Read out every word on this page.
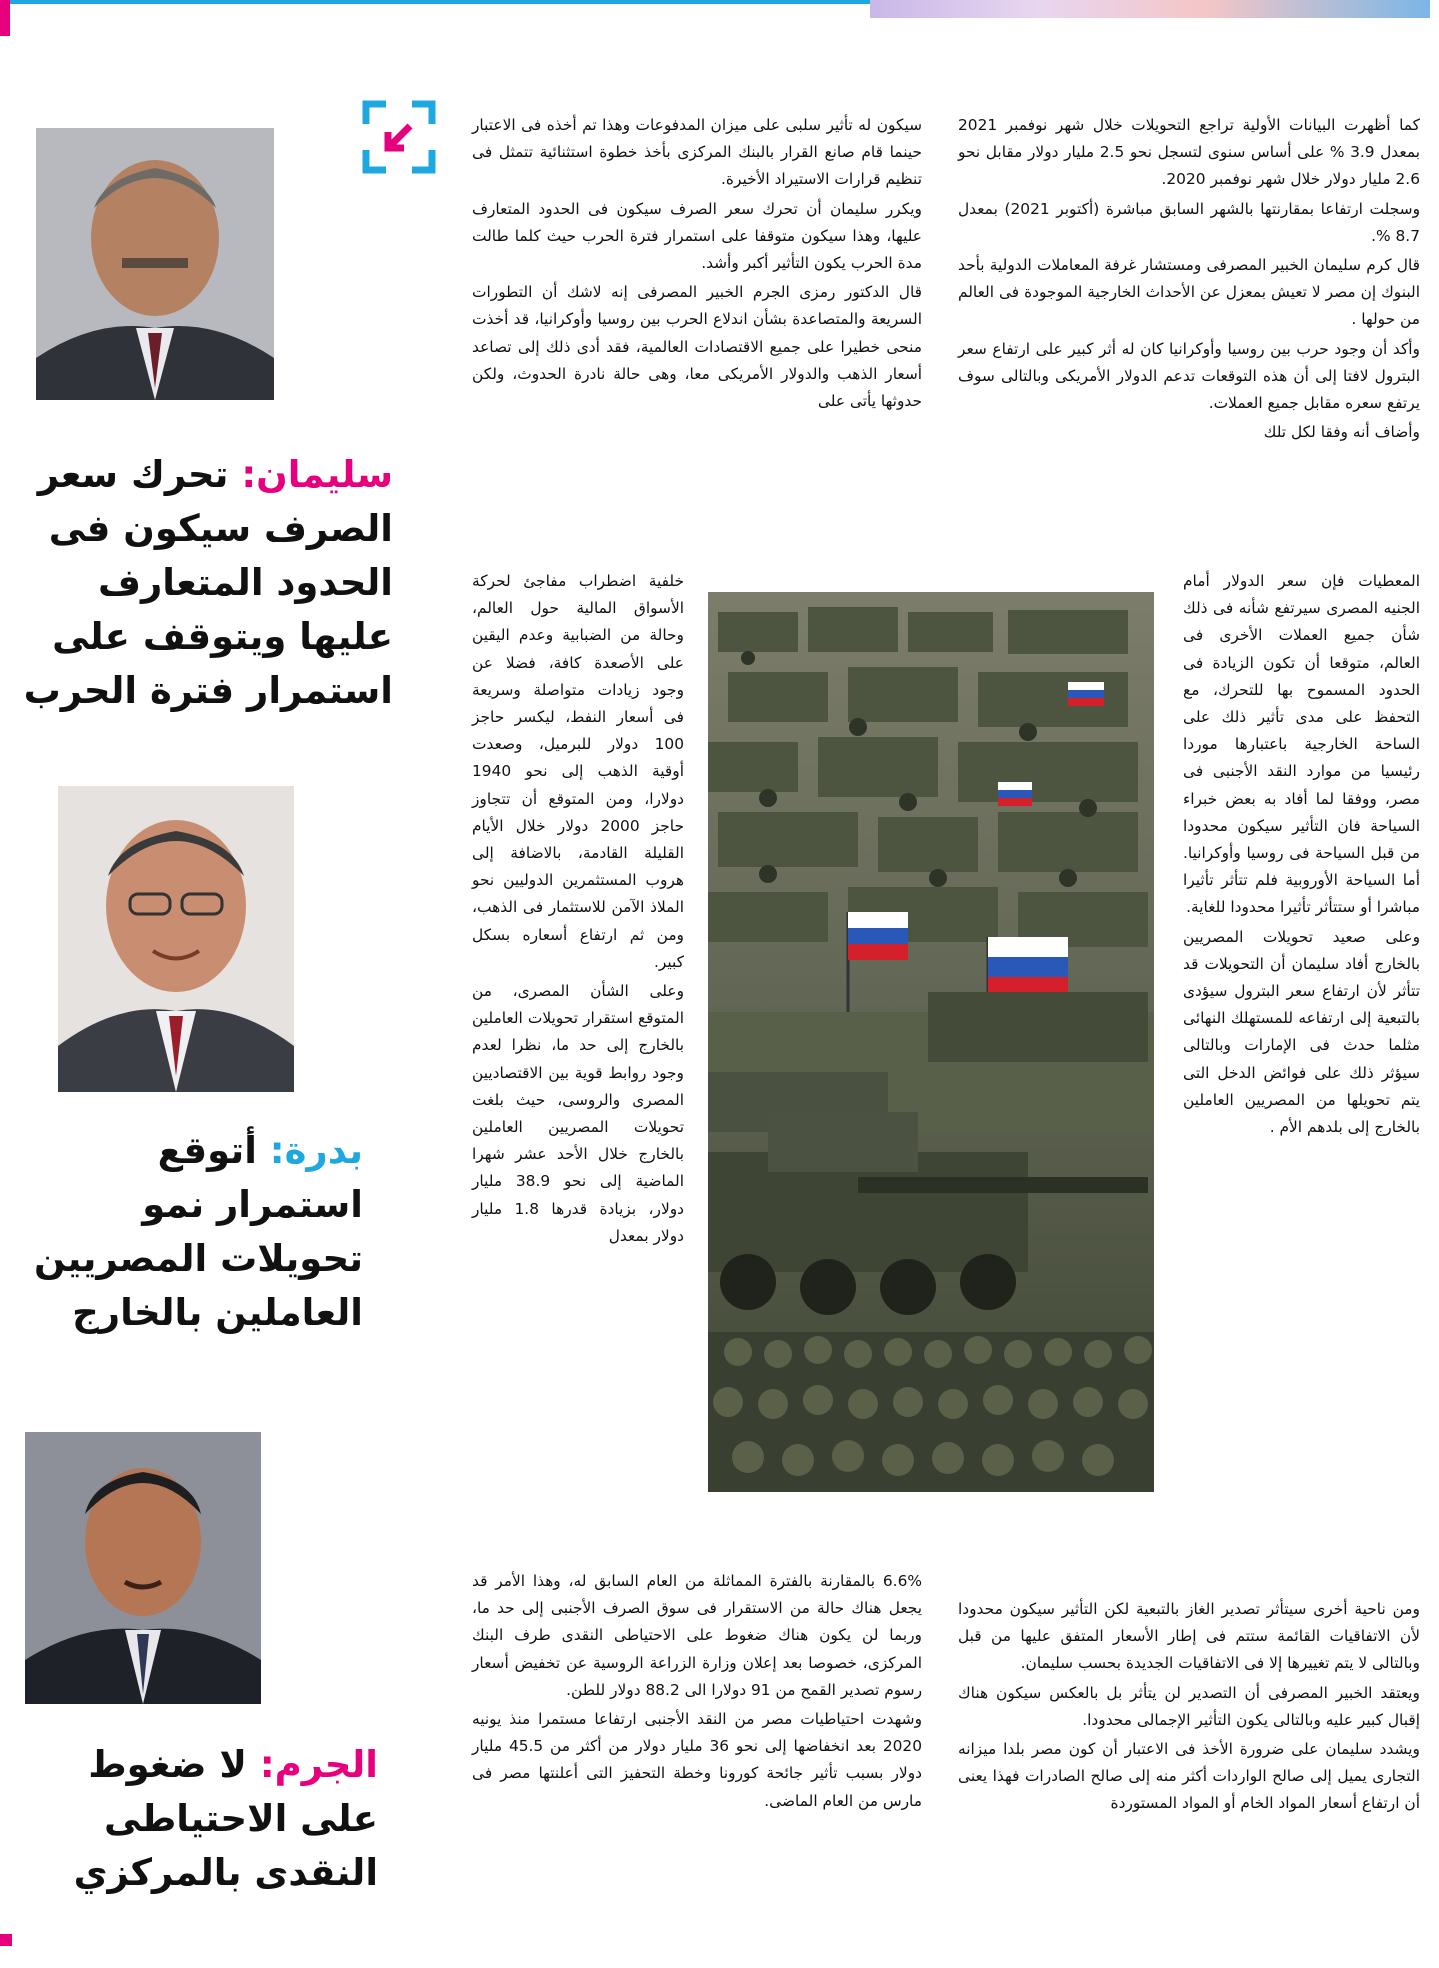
كما أظهرت البيانات الأولية تراجع التحويلات خلال شهر نوفمبر 2021 بمعدل 3.9 % على أساس سنوى لتسجل نحو 2.5 مليار دولار مقابل نحو 2.6 مليار دولار خلال شهر نوفمبر 2020.

وسجلت ارتفاعا بمقارنتها بالشهر السابق مباشرة (أكتوبر 2021) بمعدل 8.7 %.

قال كرم سليمان الخبير المصرفى ومستشار غرفة المعاملات الدولية بأحد البنوك إن مصر لا تعيش بمعزل عن الأحداث الخارجية الموجودة فى العالم من حولها .

وأكد أن وجود حرب بين روسيا وأوكرانيا كان له أثر كبير على ارتفاع سعر البترول لافتا إلى أن هذه التوقعات تدعم الدولار الأمريكى وبالتالى سوف يرتفع سعره مقابل جميع العملات.

وأضاف أنه وفقا لكل تلك

المعطيات فإن سعر الدولار أمام الجنيه المصرى سيرتفع شأنه فى ذلك شأن جميع العملات الأخرى فى العالم، متوقعا أن تكون الزيادة فى الحدود المسموح بها للتحرك، مع التحفظ على مدى تأثير ذلك على الساحة الخارجية باعتبارها موردا رئيسيا من موارد النقد الأجنبى فى مصر، ووفقا لما أفاد به بعض خبراء السياحة فان التأثير سيكون محدودا من قبل السياحة فى روسيا وأوكرانيا. أما السياحة الأوروبية فلم تتأثر تأثيرا مباشرا أو ستتأثر تأثيرا محدودا للغاية.

وعلى صعيد تحويلات المصريين بالخارج أفاد سليمان أن التحويلات قد تتأثر لأن ارتفاع سعر البترول سيؤدى بالتبعية إلى ارتفاعه للمستهلك النهائى مثلما حدث فى الإمارات وبالتالى سيؤثر ذلك على فوائض الدخل التى يتم تحويلها من المصريين العاملين بالخارج إلى بلدهم الأم .

ومن ناحية أخرى سيتأثر تصدير الغاز بالتبعية لكن التأثير سيكون محدودا لأن الاتفاقيات القائمة ستتم فى إطار الأسعار المتفق عليها من قبل وبالتالى لا يتم تغييرها إلا فى الاتفاقيات الجديدة بحسب سليمان.

ويعتقد الخبير المصرفى أن التصدير لن يتأثر بل بالعكس سيكون هناك إقبال كبير عليه وبالتالى يكون التأثير الإجمالى محدودا.

ويشدد سليمان على ضرورة الأخذ فى الاعتبار أن كون مصر بلدا ميزانه التجارى يميل إلى صالح الواردات أكثر منه إلى صالح الصادرات فهذا يعنى أن ارتفاع أسعار المواد الخام أو المواد المستوردة

سيكون له تأثير سلبى على ميزان المدفوعات وهذا تم أخذه فى الاعتبار حينما قام صانع القرار بالبنك المركزى بأخذ خطوة استثنائية تتمثل فى تنظيم قرارات الاستيراد الأخيرة.

ويكرر سليمان أن تحرك سعر الصرف سيكون فى الحدود المتعارف عليها، وهذا سيكون متوقفا على استمرار فترة الحرب حيث كلما طالت مدة الحرب يكون التأثير أكبر وأشد.

قال الدكتور رمزى الجرم الخبير المصرفى إنه لاشك أن التطورات السريعة والمتصاعدة بشأن اندلاع الحرب بين روسيا وأوكرانيا، قد أخذت منحى خطيرا على جميع الاقتصادات العالمية، فقد أدى ذلك إلى تصاعد أسعار الذهب والدولار الأمريكى معا، وهى حالة نادرة الحدوث، ولكن حدوثها يأتى على

خلفية اضطراب مفاجئ لحركة الأسواق المالية حول العالم، وحالة من الضبابية وعدم اليقين على الأصعدة كافة، فضلا عن وجود زيادات متواصلة وسريعة فى أسعار النفط، ليكسر حاجز 100 دولار للبرميل، وصعدت أوقية الذهب إلى نحو 1940 دولارا، ومن المتوقع أن تتجاوز حاجز 2000 دولار خلال الأيام القليلة القادمة، بالاضافة إلى هروب المستثمرين الدوليين نحو الملاذ الآمن للاستثمار فى الذهب، ومن ثم ارتفاع أسعاره بسكل كبير.

وعلى الشأن المصرى، من المتوقع استقرار تحويلات العاملين بالخارج إلى حد ما، نظرا لعدم وجود روابط قوية بين الاقتصاديين المصرى والروسى، حيث بلغت تحويلات المصريين العاملين بالخارج خلال الأحد عشر شهرا الماضية إلى نحو 38.9 مليار دولار، بزيادة قدرها 1.8 مليار دولار بمعدل

6.6% بالمقارنة بالفترة المماثلة من العام السابق له، وهذا الأمر قد يجعل هناك حالة من الاستقرار فى سوق الصرف الأجنبى إلى حد ما، وربما لن يكون هناك ضغوط على الاحتياطى النقدى طرف البنك المركزى، خصوصا بعد إعلان وزارة الزراعة الروسية عن تخفيض أسعار رسوم تصدير القمح من 91 دولارا الى 88.2 دولار للطن.

وشهدت احتياطيات مصر من النقد الأجنبى ارتفاعا مستمرا منذ يونيه 2020 بعد انخفاضها إلى نحو 36 مليار دولار من أكثر من 45.5 مليار دولار بسبب تأثير جائحة كورونا وخطة التحفيز التى أعلنتها مصر فى مارس من العام الماضى.

سليمان: تحرك سعر الصرف سيكون فى الحدود المتعارف عليها ويتوقف على استمرار فترة الحرب
بدرة: أتوقع استمرار نمو تحويلات المصريين العاملين بالخارج
الجرم: لا ضغوط على الاحتياطى النقدى بالمركزي
